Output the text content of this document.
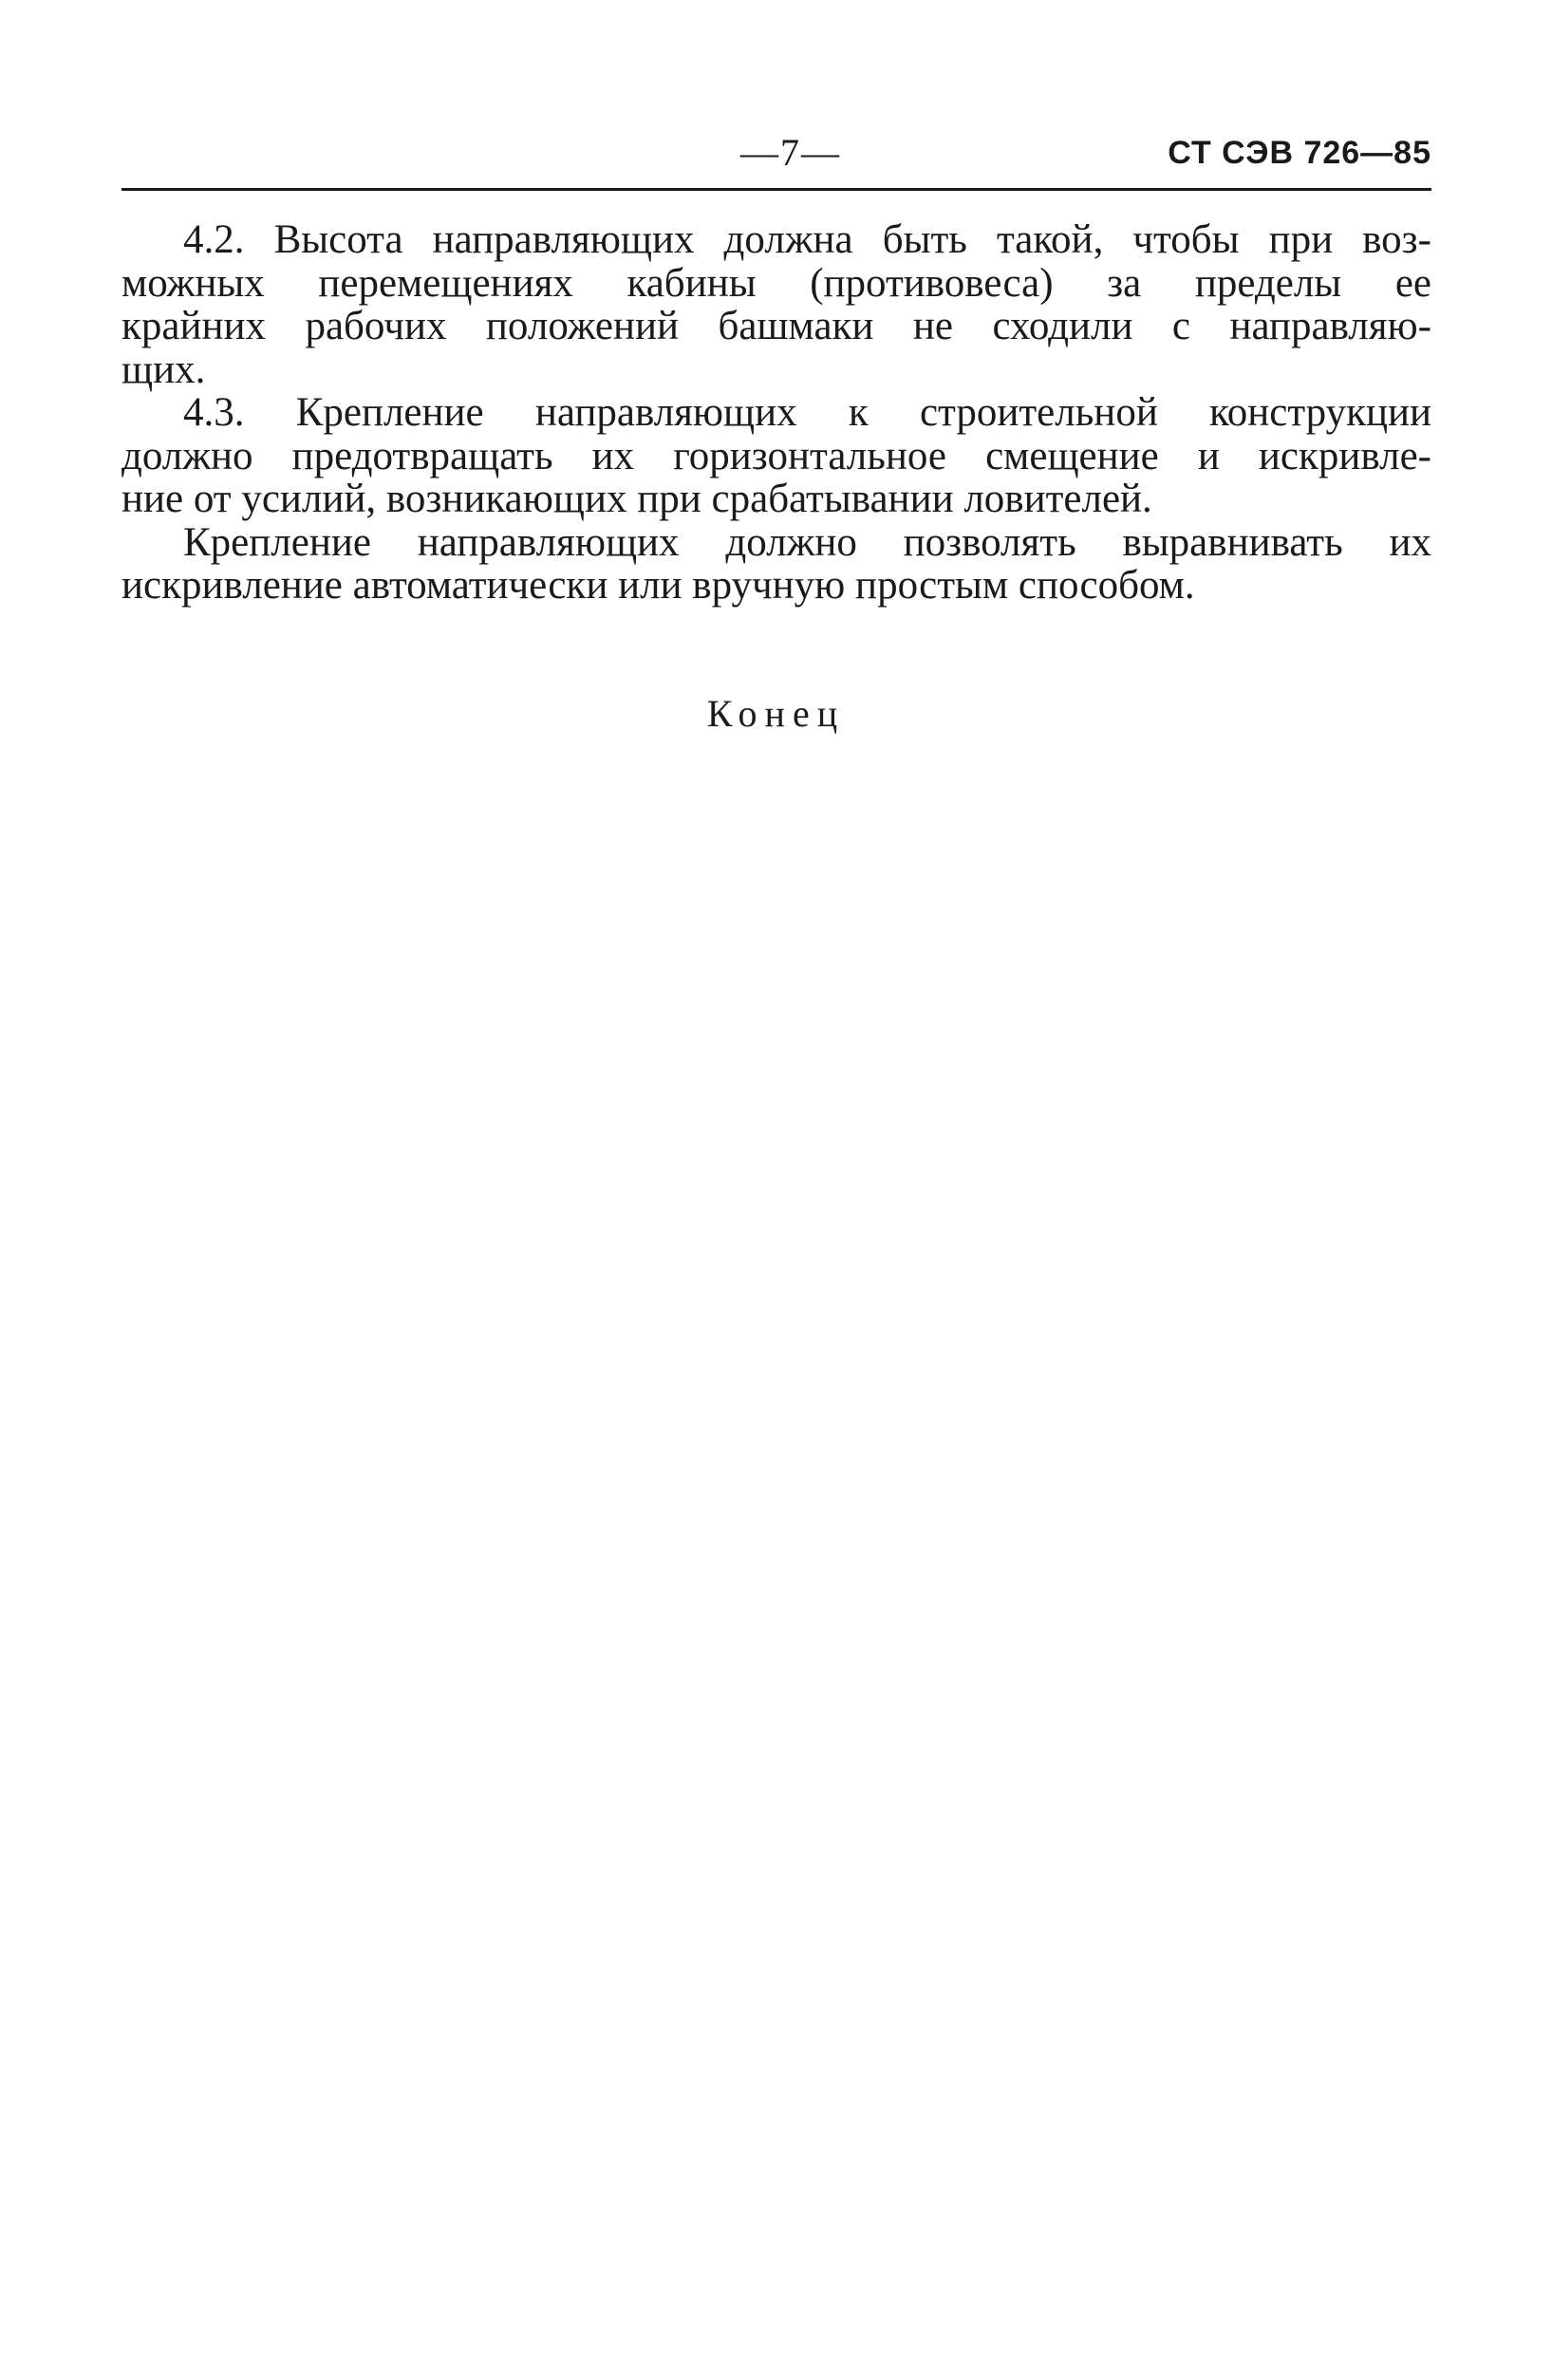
—7—	СТ СЭВ 726—85

4.2. Высота направляющих должна быть такой, чтобы при воз-
можных перемещениях кабины (противовеса) за пределы ее
крайних рабочих положений башмаки не сходили с направляю-
щих.

4.3. Крепление направляющих к строительной конструкции
должно предотвращать их горизонтальное смещение и искривле-
ние от усилий, возникающих при срабатывании ловителей.

Крепление направляющих должно позволять выравнивать их
искривление автоматически или вручную простым способом.

Конец
